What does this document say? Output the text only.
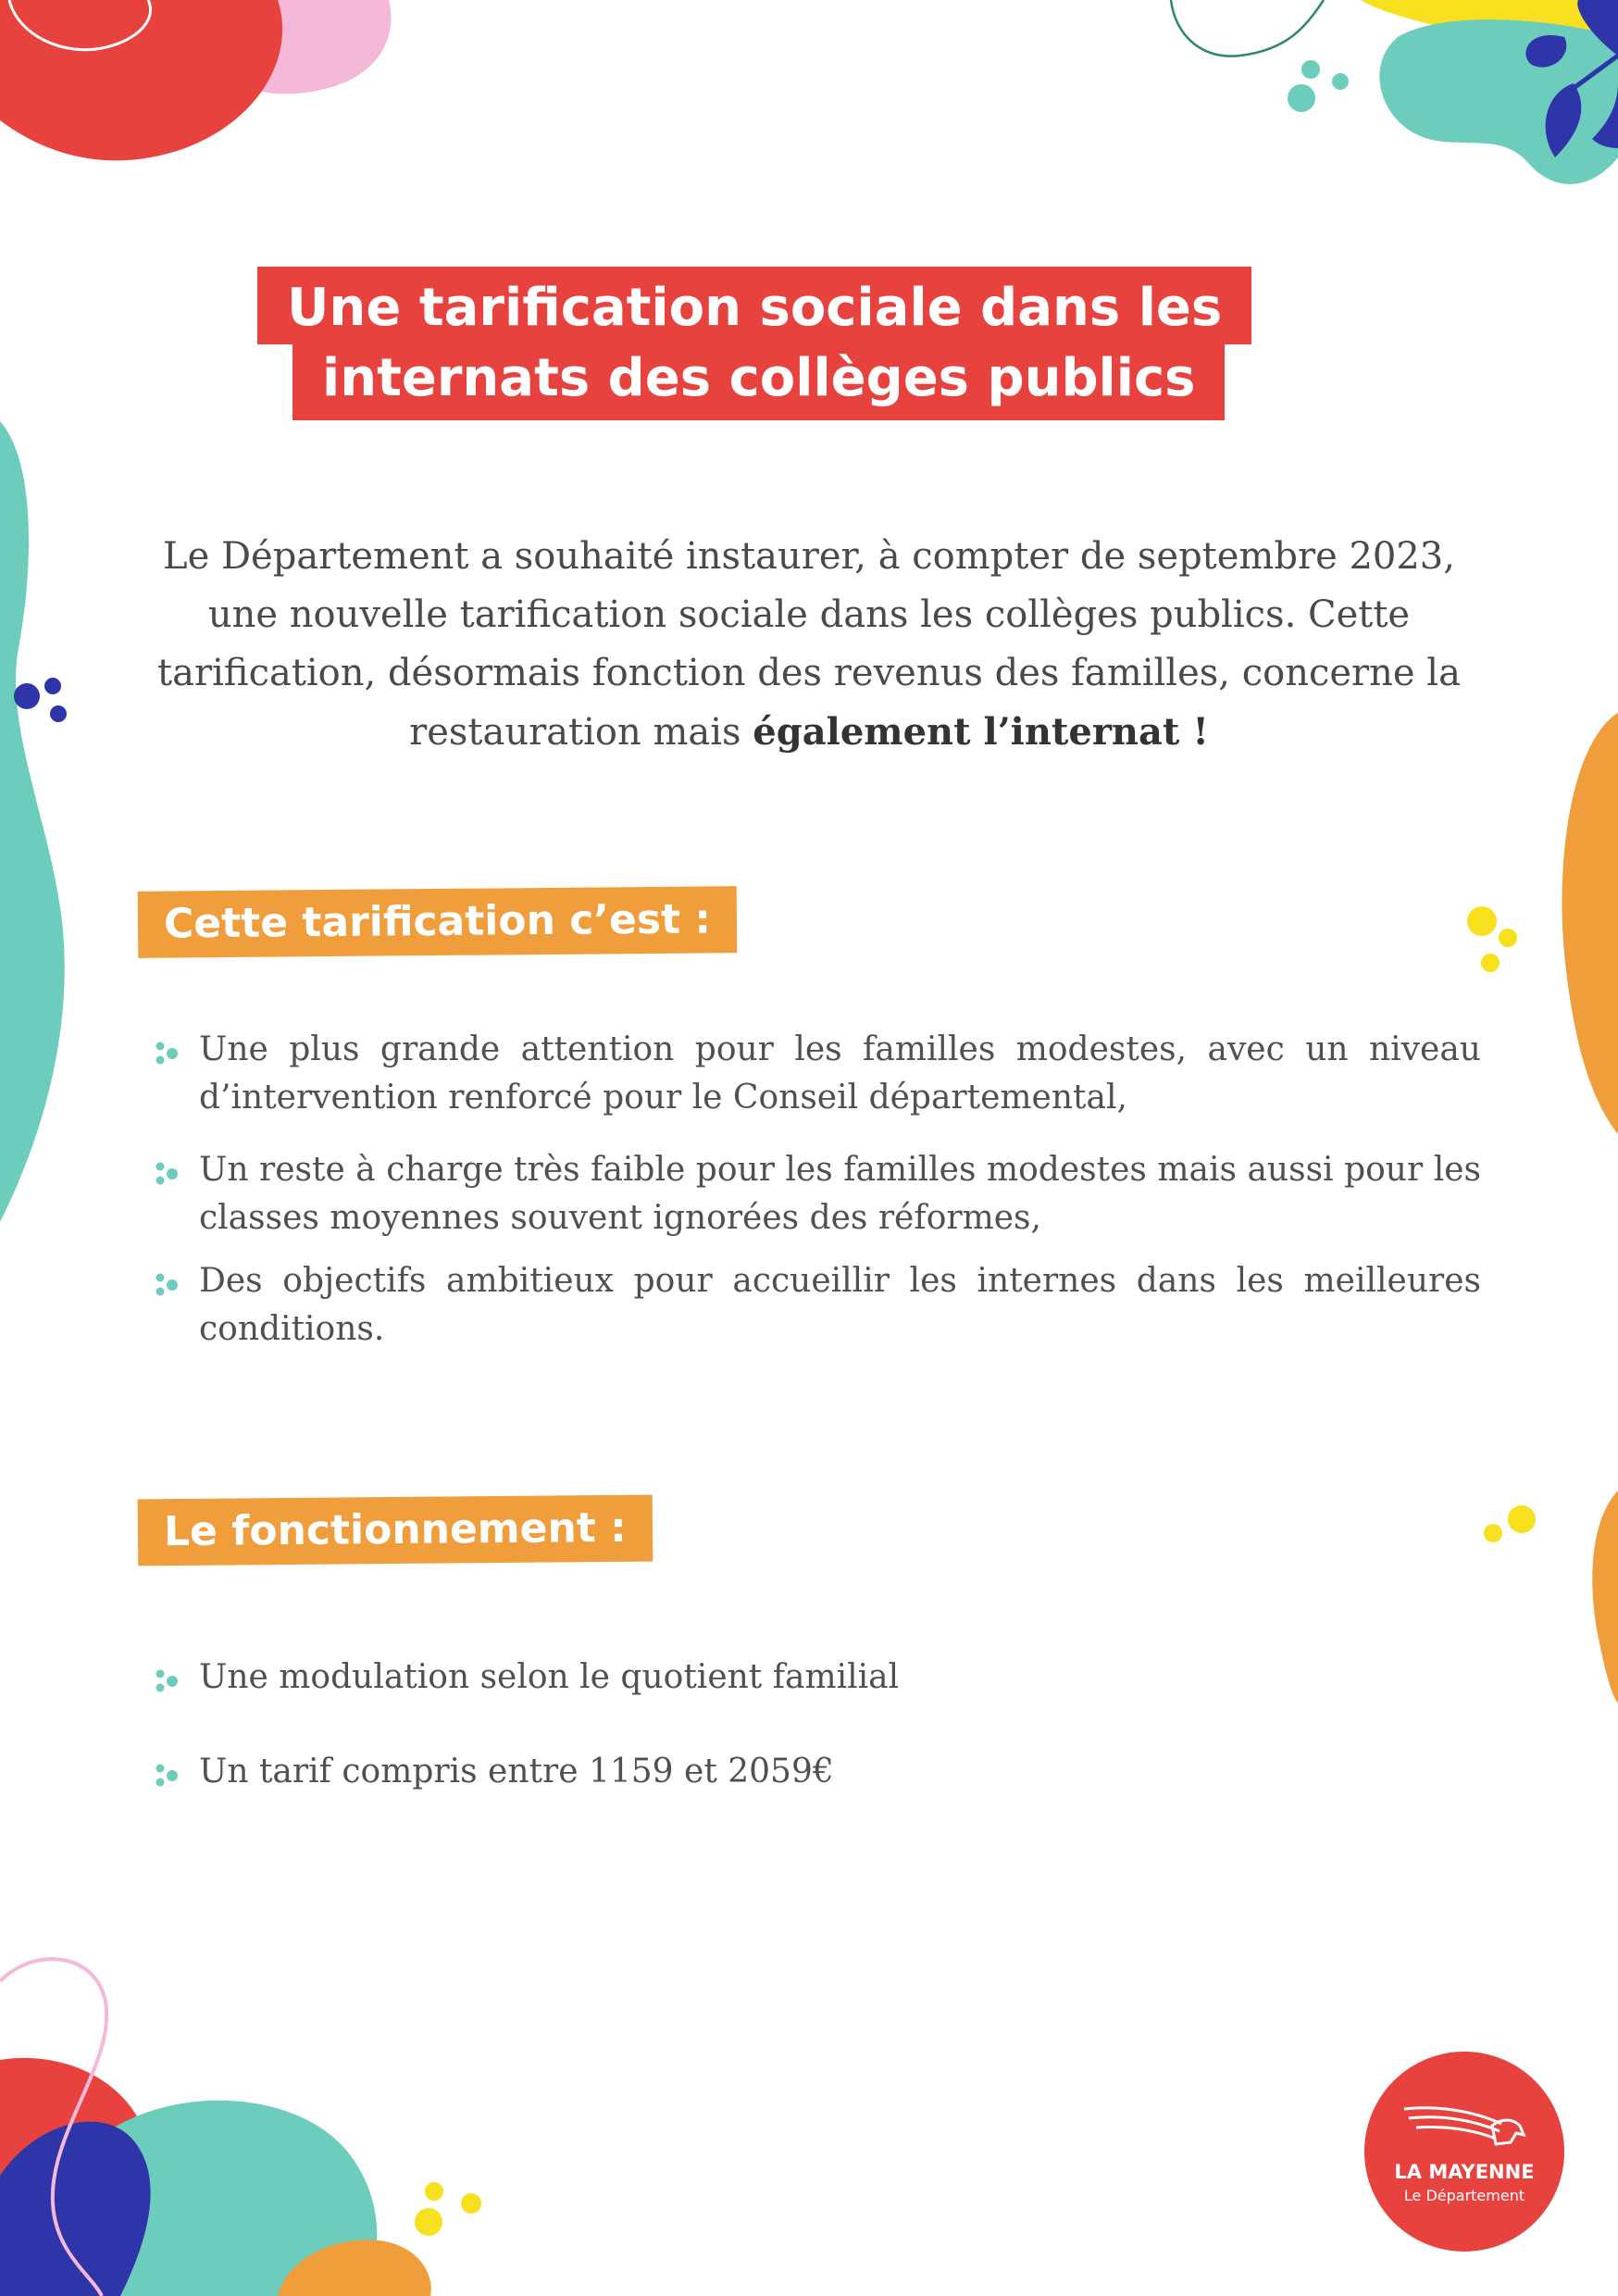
Une tarification sociale dans les
internats des collèges publics
Le Département a souhaité instaurer, à compter de septembre 2023, une nouvelle tarification sociale dans les collèges publics. Cette tarification, désormais fonction des revenus des familles, concerne la restauration mais également l’internat !
Cette tarification c’est :
Une plus grande attention pour les familles modestes, avec un niveau d’intervention renforcé pour le Conseil départemental,
Un reste à charge très faible pour les familles modestes mais aussi pour les classes moyennes souvent ignorées des réformes,
Des objectifs ambitieux pour accueillir les internes dans les meilleures conditions.
Le fonctionnement :
Une modulation selon le quotient familial
Un tarif compris entre 1159 et 2059€
LA MAYENNE
Le Département
